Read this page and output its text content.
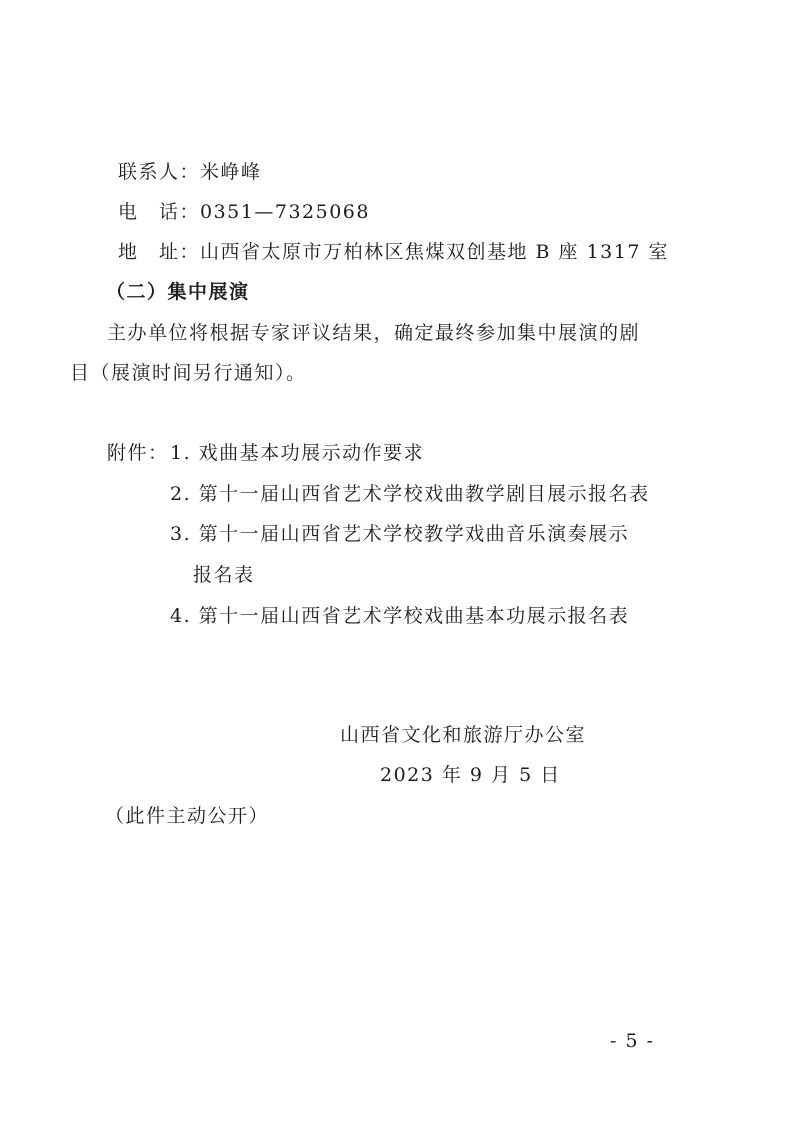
联系人：米峥峰
电　话：0351—7325068
地　址：山西省太原市万柏林区焦煤双创基地 B 座 1317 室
（二）集中展演
主办单位将根据专家评议结果，确定最终参加集中展演的剧
目（展演时间另行通知）。
附件： 1. 戏曲基本功展示动作要求
2. 第十一届山西省艺术学校戏曲教学剧目展示报名表
3. 第十一届山西省艺术学校教学戏曲音乐演奏展示
报名表
4. 第十一届山西省艺术学校戏曲基本功展示报名表
山西省文化和旅游厅办公室
2023 年 9 月 5 日
（此件主动公开）
- 5 -
